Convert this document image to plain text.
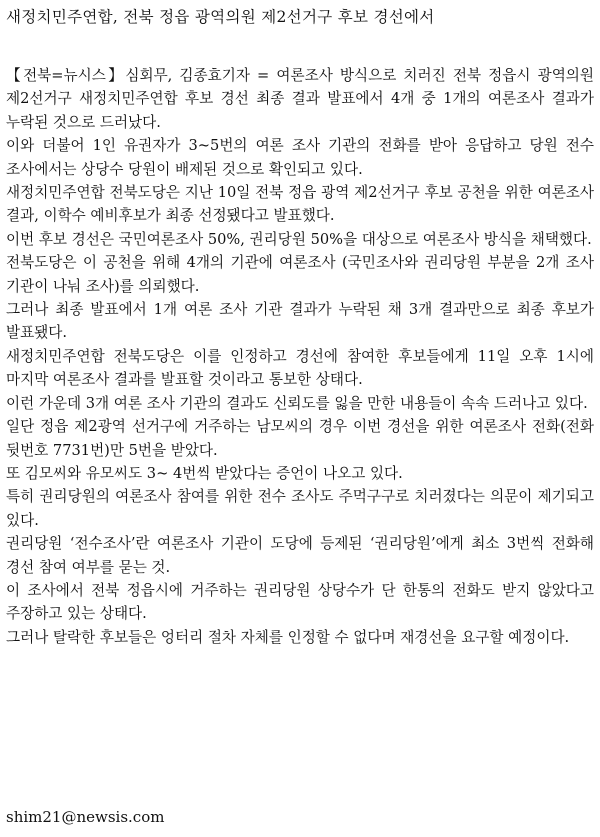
새정치민주연합, 전북 정읍 광역의원 제2선거구 후보 경선에서

【전북=뉴시스】심회무, 김종효기자 = 여론조사 방식으로 치러진 전북 정읍시 광역의원 제2선거구 새정치민주연합 후보 경선 최종 결과 발표에서 4개 중 1개의 여론조사 결과가 누락된 것으로 드러났다.

이와 더불어 1인 유권자가 3~5번의 여론 조사 기관의 전화를 받아 응답하고 당원 전수 조사에서는 상당수 당원이 배제된 것으로 확인되고 있다.

새정치민주연합 전북도당은 지난 10일 전북 정읍 광역 제2선거구 후보 공천을 위한 여론조사 결과, 이학수 예비후보가 최종 선정됐다고 발표했다.

이번 후보 경선은 국민여론조사 50%, 권리당원 50%을 대상으로 여론조사 방식을 채택했다.

전북도당은 이 공천을 위해 4개의 기관에 여론조사 (국민조사와 권리당원 부분을 2개 조사 기관이 나눠 조사)를 의뢰했다.

그러나 최종 발표에서 1개 여론 조사 기관 결과가 누락된 채 3개 결과만으로 최종 후보가 발표됐다.

새정치민주연합 전북도당은 이를 인정하고 경선에 참여한 후보들에게 11일 오후 1시에 마지막 여론조사 결과를 발표할 것이라고 통보한 상태다.

이런 가운데 3개 여론 조사 기관의 결과도 신뢰도를 잃을 만한 내용들이 속속 드러나고 있다.

일단 정읍 제2광역 선거구에 거주하는 남모씨의 경우 이번 경선을 위한 여론조사 전화(전화 뒷번호 7731번)만 5번을 받았다.

또 김모씨와 유모씨도 3~ 4번씩 받았다는 증언이 나오고 있다.

특히 권리당원의 여론조사 참여를 위한 전수 조사도 주먹구구로 치러졌다는 의문이 제기되고 있다.

권리당원 ‘전수조사’란 여론조사 기관이 도당에 등제된 ‘권리당원’에게 최소 3번씩 전화해 경선 참여 여부를 묻는 것.

이 조사에서 전북 정읍시에 거주하는 권리당원 상당수가 단 한통의 전화도 받지 않았다고 주장하고 있는 상태다.

그러나 탈락한 후보들은 엉터리 절차 자체를 인정할 수 없다며 재경선을 요구할 예정이다.

shim21@newsis.com
